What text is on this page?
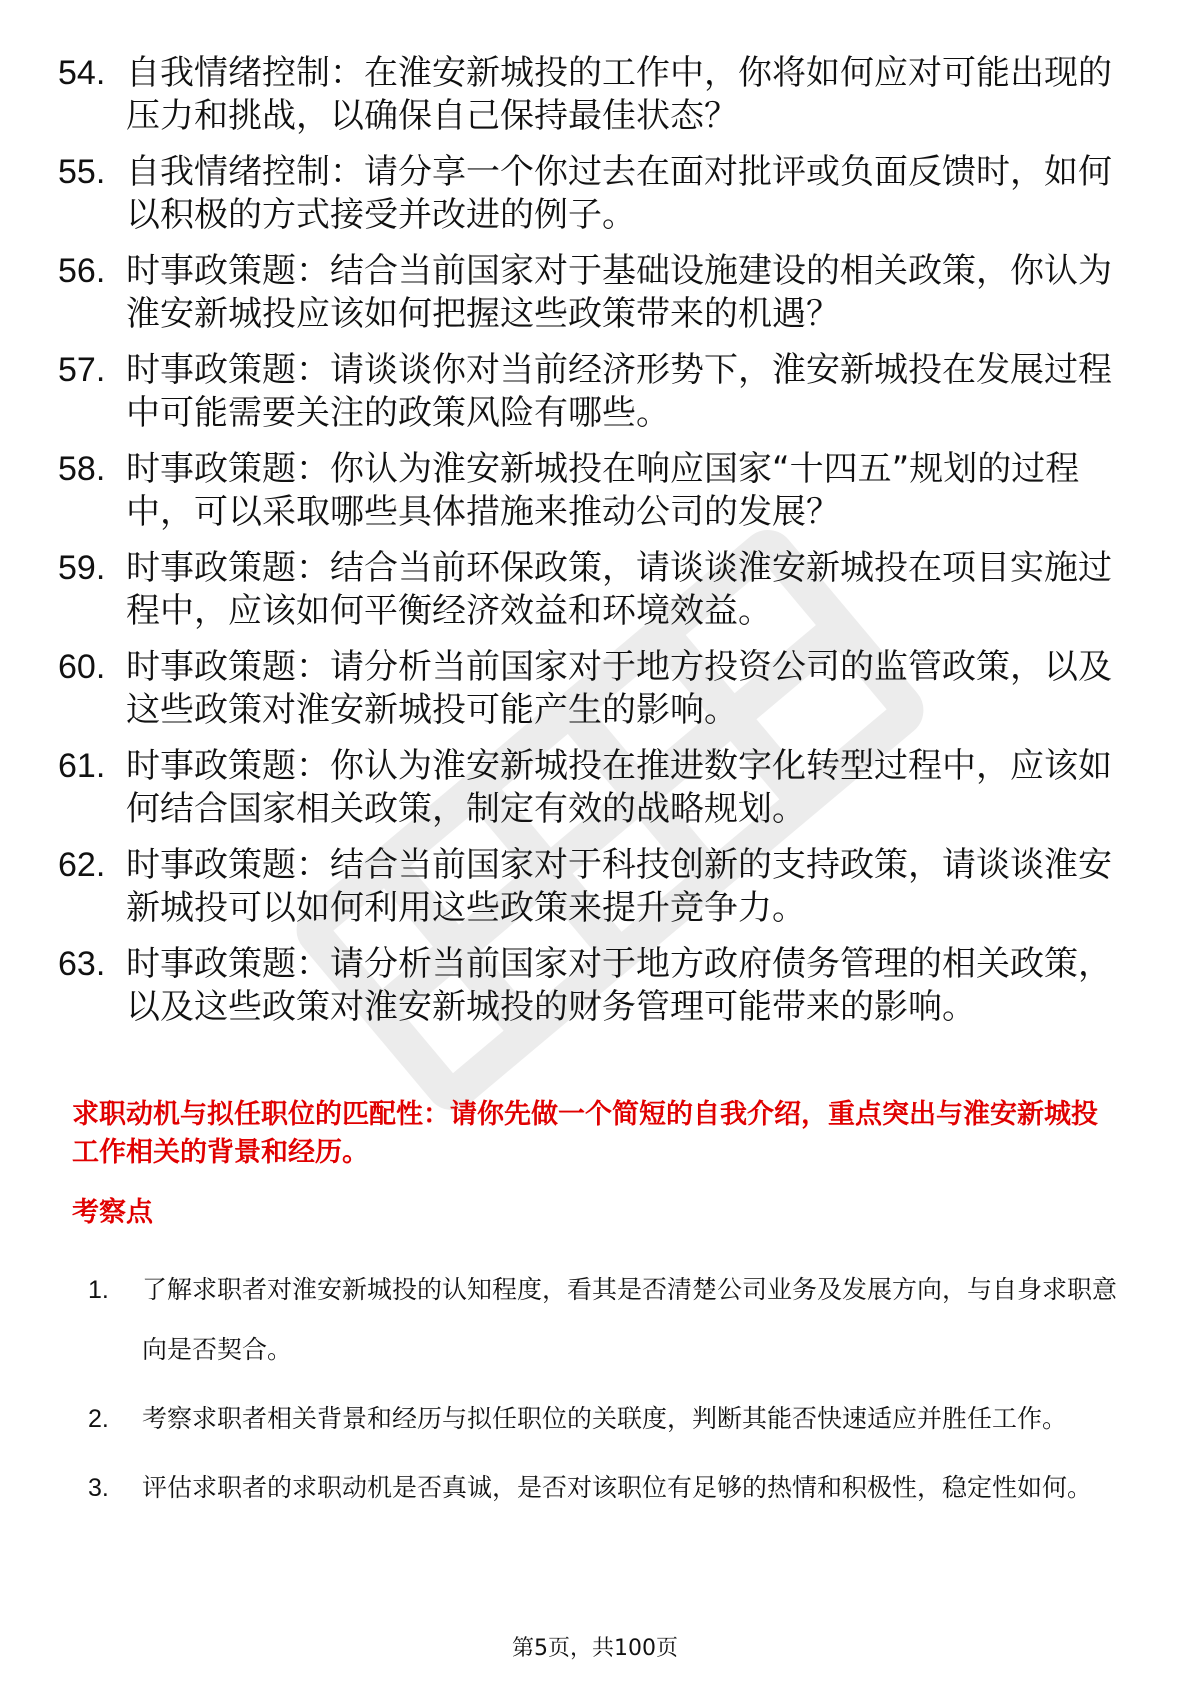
54. 自我情绪控制：在淮安新城投的工作中，你将如何应对可能出现的压力和挑战，以确保自己保持最佳状态？
55. 自我情绪控制：请分享一个你过去在面对批评或负面反馈时，如何以积极的方式接受并改进的例子。
56. 时事政策题：结合当前国家对于基础设施建设的相关政策，你认为淮安新城投应该如何把握这些政策带来的机遇？
57. 时事政策题：请谈谈你对当前经济形势下，淮安新城投在发展过程中可能需要关注的政策风险有哪些。
58. 时事政策题：你认为淮安新城投在响应国家“十四五”规划的过程中，可以采取哪些具体措施来推动公司的发展？
59. 时事政策题：结合当前环保政策，请谈谈淮安新城投在项目实施过程中，应该如何平衡经济效益和环境效益。
60. 时事政策题：请分析当前国家对于地方投资公司的监管政策，以及这些政策对淮安新城投可能产生的影响。
61. 时事政策题：你认为淮安新城投在推进数字化转型过程中，应该如何结合国家相关政策，制定有效的战略规划。
62. 时事政策题：结合当前国家对于科技创新的支持政策，请谈谈淮安新城投可以如何利用这些政策来提升竞争力。
63. 时事政策题：请分析当前国家对于地方政府债务管理的相关政策，以及这些政策对淮安新城投的财务管理可能带来的影响。

求职动机与拟任职位的匹配性：请你先做一个简短的自我介绍，重点突出与淮安新城投工作相关的背景和经历。

考察点
1.	了解求职者对淮安新城投的认知程度，看其是否清楚公司业务及发展方向，与自身求职意向是否契合。
2.	考察求职者相关背景和经历与拟任职位的关联度，判断其能否快速适应并胜任工作。
3.	评估求职者的求职动机是否真诚，是否对该职位有足够的热情和积极性，稳定性如何。
第5页，共100页
